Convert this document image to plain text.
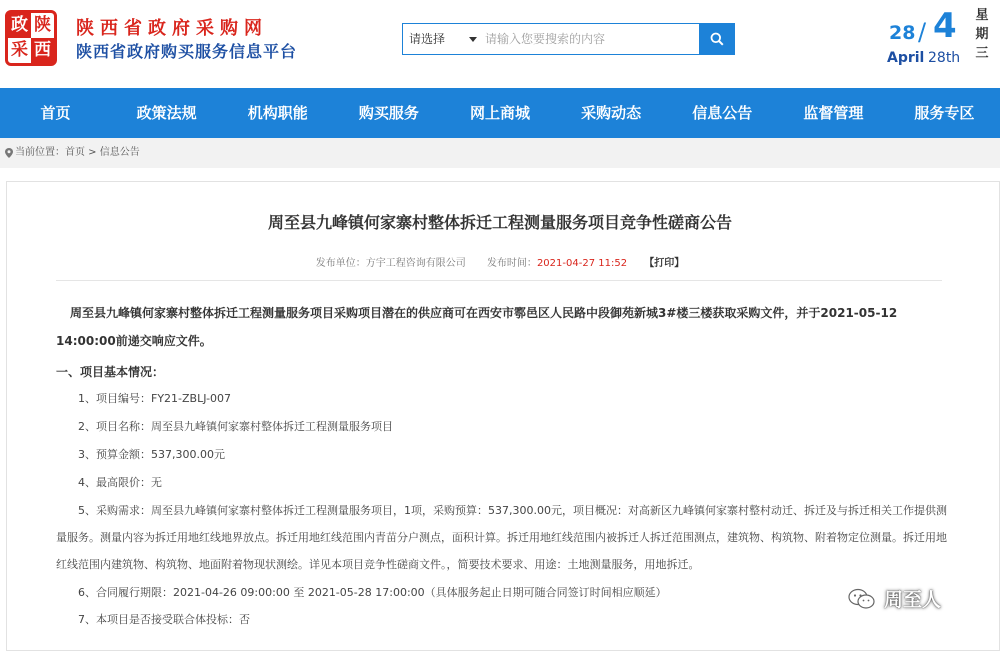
政 陕
采 西
陕西省政府采购网
陕西省政府购买服务信息平台
请选择
请输入您要搜索的内容	28 / 4
April 28th
星期三
首页	政策法规	机构职能	购买服务	网上商城	采购动态	信息公告	监督管理	服务专区
当前位置：首页 > 信息公告
周至县九峰镇何家寨村整体拆迁工程测量服务项目竞争性磋商公告
发布单位：方宇工程咨询有限公司 发布时间：2021-04-27 11:52 【打印】
周至县九峰镇何家寨村整体拆迁工程测量服务项目采购项目潜在的供应商可在西安市鄠邑区人民路中段御苑新城3#楼三楼获取采购文件，并于2021-05-12 14:00:00前递交响应文件。
一、项目基本情况：
1、项目编号：FY21-ZBLJ-007
2、项目名称：周至县九峰镇何家寨村整体拆迁工程测量服务项目
3、预算金额：537,300.00元
4、最高限价：无
5、采购需求：周至县九峰镇何家寨村整体拆迁工程测量服务项目，1项，采购预算：537,300.00元，项目概况：对高新区九峰镇何家寨村整村动迁、拆迁及与拆迁相关工作提供测量服务。测量内容为拆迁用地红线地界放点。拆迁用地红线范围内青苗分户测点，面积计算。拆迁用地红线范围内被拆迁人拆迁范围测点，建筑物、构筑物、附着物定位测量。拆迁用地红线范围内建筑物、构筑物、地面附着物现状测绘。详见本项目竞争性磋商文件。，简要技术要求、用途：土地测量服务，用地拆迁。
6、合同履行期限：2021-04-26 09:00:00 至 2021-05-28 17:00:00（具体服务起止日期可随合同签订时间相应顺延）
7、本项目是否接受联合体投标：否
周至人
